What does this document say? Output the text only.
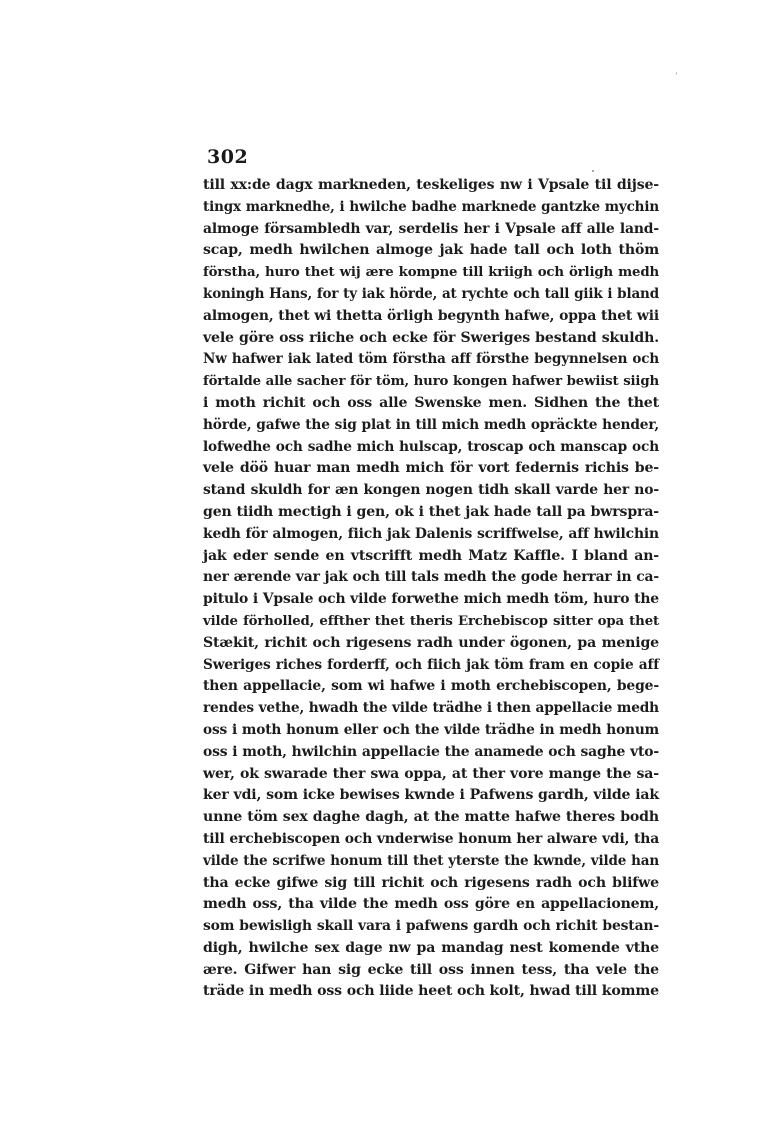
302
till xx:de dagx markneden, teskeliges nw i Vpsale til dijse-
tingx marknedhe, i hwilche badhe marknede gantzke mychin
almoge försambledh var, serdelis her i Vpsale aff alle land-
scap, medh hwilchen almoge jak hade tall och loth thöm
förstha, huro thet wij ære kompne till kriigh och örligh medh
koningh Hans, for ty iak hörde, at rychte och tall giik i bland
almogen, thet wi thetta örligh begynth hafwe, oppa thet wii
vele göre oss riiche och ecke för Sweriges bestand skuldh.
Nw hafwer iak lated töm förstha aff försthe begynnelsen och
förtalde alle sacher för töm, huro kongen hafwer bewiist siigh
i moth richit och oss alle Swenske men. Sidhen the thet
hörde, gafwe the sig plat in till mich medh opräckte hender,
lofwedhe och sadhe mich hulscap, troscap och manscap och
vele döö huar man medh mich för vort federnis richis be-
stand skuldh for æn kongen nogen tidh skall varde her no-
gen tiidh mectigh i gen, ok i thet jak hade tall pa bwrspra-
kedh för almogen, fiich jak Dalenis scriffwelse, aff hwilchin
jak eder sende en vtscrifft medh Matz Kaffle. I bland an-
ner ærende var jak och till tals medh the gode herrar in ca-
pitulo i Vpsale och vilde forwethe mich medh töm, huro the
vilde förholled, effther thet theris Erchebiscop sitter opa thet
Stækit, richit och rigesens radh under ögonen, pa menige
Sweriges riches forderff, och fiich jak töm fram en copie aff
then appellacie, som wi hafwe i moth erchebiscopen, bege-
rendes vethe, hwadh the vilde trädhe i then appellacie medh
oss i moth honum eller och the vilde trädhe in medh honum
oss i moth, hwilchin appellacie the anamede och saghe vto-
wer, ok swarade ther swa oppa, at ther vore mange the sa-
ker vdi, som icke bewises kwnde i Pafwens gardh, vilde iak
unne töm sex daghe dagh, at the matte hafwe theres bodh
till erchebiscopen och vnderwise honum her alware vdi, tha
vilde the scrifwe honum till thet yterste the kwnde, vilde han
tha ecke gifwe sig till richit och rigesens radh och blifwe
medh oss, tha vilde the medh oss göre en appellacionem,
som bewisligh skall vara i pafwens gardh och richit bestan-
digh, hwilche sex dage nw pa mandag nest komende vthe
ære. Gifwer han sig ecke till oss innen tess, tha vele the
träde in medh oss och liide heet och kolt, hwad till komme
